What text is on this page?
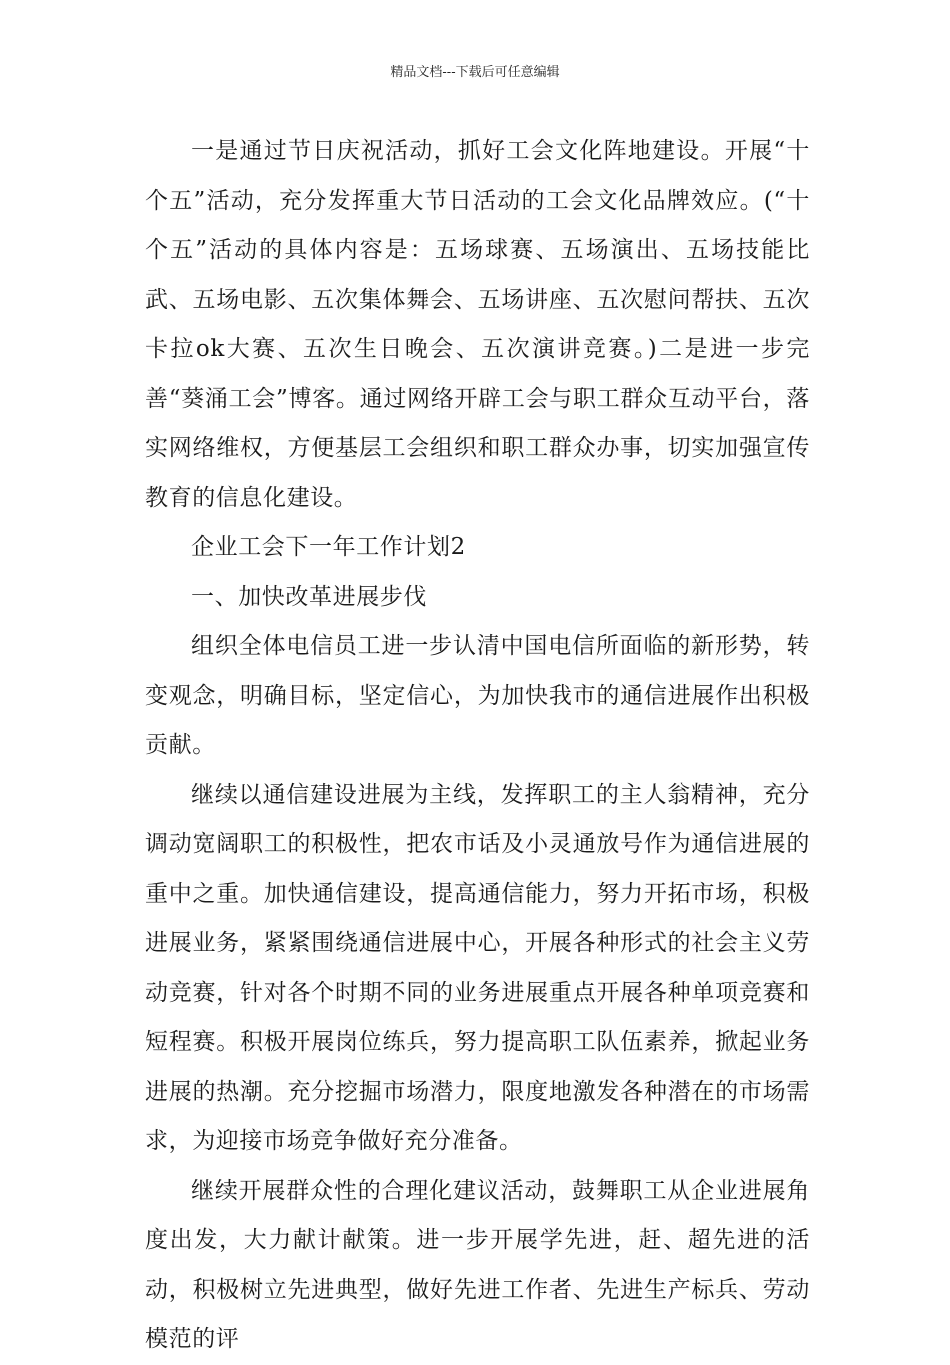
精品文档---下载后可任意编辑

一是通过节日庆祝活动，抓好工会文化阵地建设。开展“十个五”活动，充分发挥重大节日活动的工会文化品牌效应。(“十个五”活动的具体内容是：五场球赛、五场演出、五场技能比武、五场电影、五次集体舞会、五场讲座、五次慰问帮扶、五次卡拉ok大赛、五次生日晚会、五次演讲竞赛。)二是进一步完善“葵涌工会”博客。通过网络开辟工会与职工群众互动平台，落实网络维权，方便基层工会组织和职工群众办事，切实加强宣传教育的信息化建设。

企业工会下一年工作计划2

一、加快改革进展步伐

组织全体电信员工进一步认清中国电信所面临的新形势，转变观念，明确目标，坚定信心，为加快我市的通信进展作出积极贡献。

继续以通信建设进展为主线，发挥职工的主人翁精神，充分调动宽阔职工的积极性，把农市话及小灵通放号作为通信进展的重中之重。加快通信建设，提高通信能力，努力开拓市场，积极进展业务，紧紧围绕通信进展中心，开展各种形式的社会主义劳动竞赛，针对各个时期不同的业务进展重点开展各种单项竞赛和短程赛。积极开展岗位练兵，努力提高职工队伍素养，掀起业务进展的热潮。充分挖掘市场潜力，限度地激发各种潜在的市场需求，为迎接市场竞争做好充分准备。

继续开展群众性的合理化建议活动，鼓舞职工从企业进展角度出发，大力献计献策。进一步开展学先进，赶、超先进的活动，积极树立先进典型，做好先进工作者、先进生产标兵、劳动模范的评
